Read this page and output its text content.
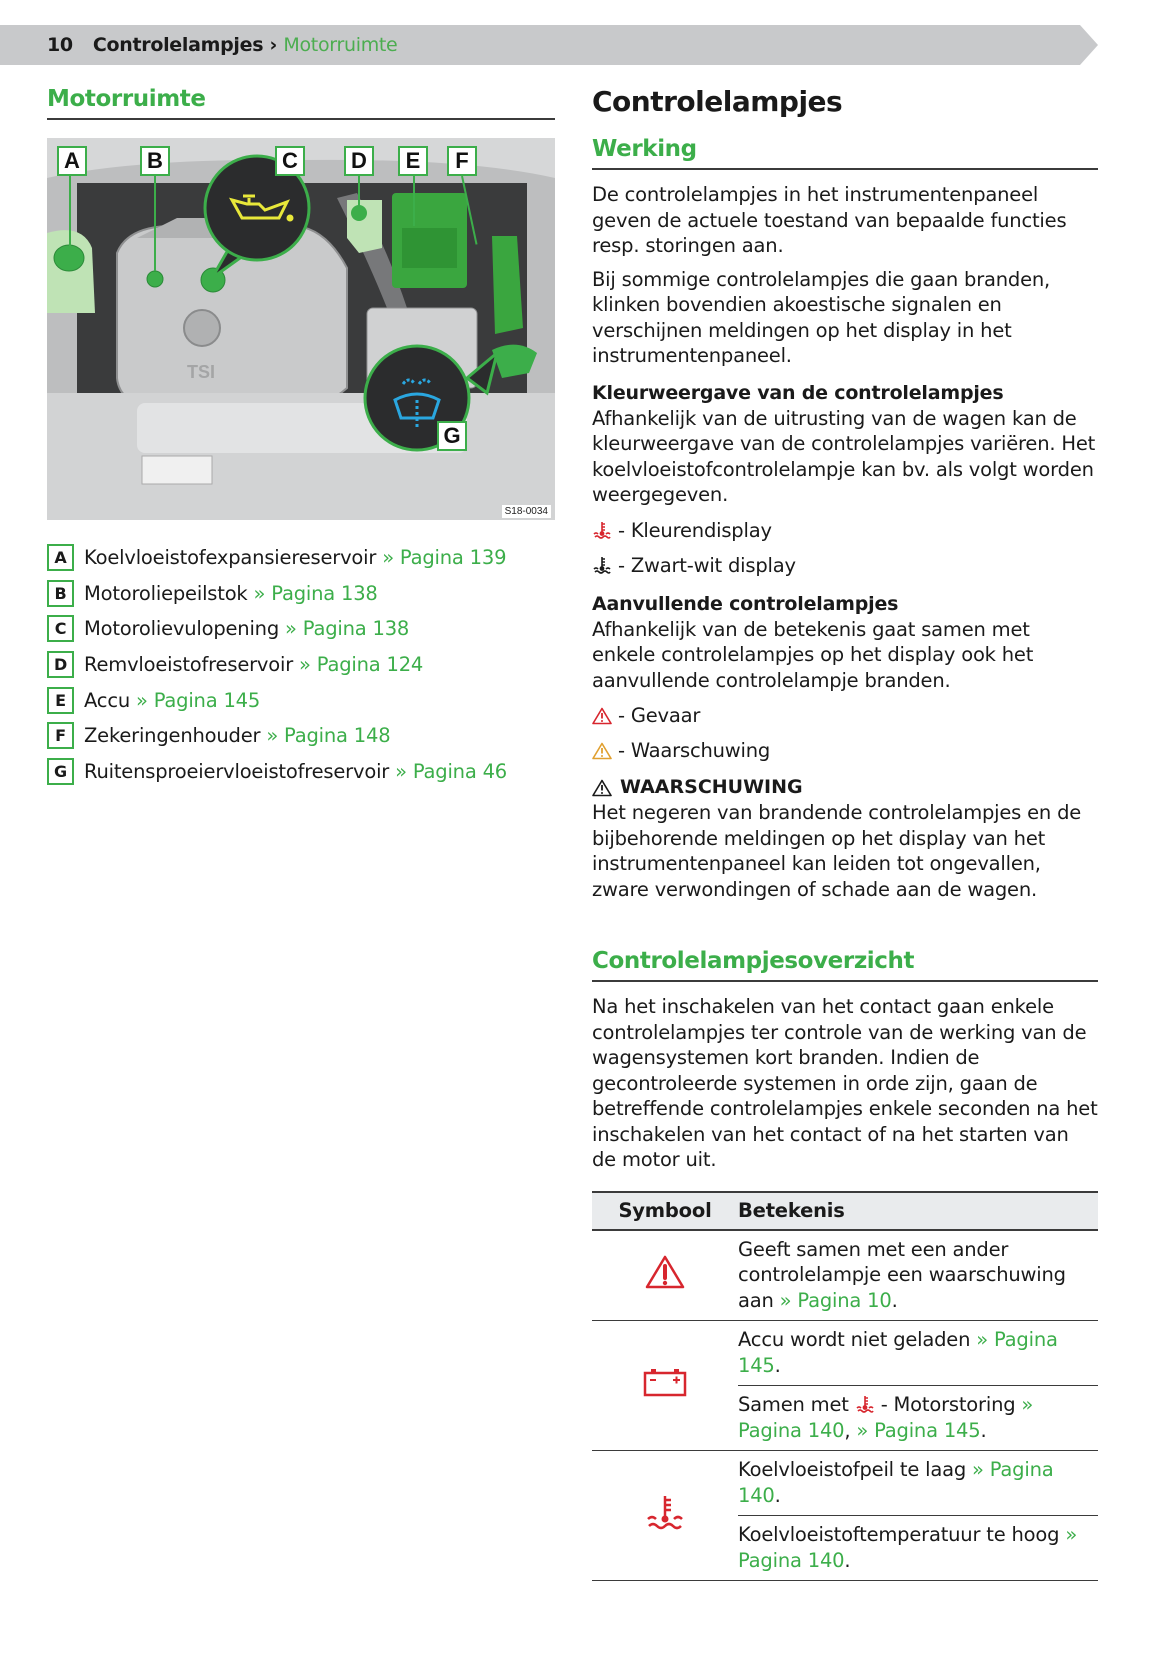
10 Controlelampjes › Motorruimte
Motorruimte
TSI
A	B	C	D	E	F
G
S18-0034
A Koelvloeistofexpansiereservoir
» Pagina 139
B Motoroliepeilstok
» Pagina 138
C Motorolievulopening
» Pagina 138
D Remvloeistofreservoir
» Pagina 124
E Accu
» Pagina 145
F Zekeringenhouder
» Pagina 148
G Ruitensproeiervloeistofreservoir
» Pagina 46
Controlelampjes
Werking

De controlelampjes in het instrumentenpaneel geven de actuele toestand van bepaalde functies resp. storingen aan.

Bij sommige controlelampjes die gaan branden, klinken bovendien akoestische signalen en verschijnen meldingen op het display in het instrumentenpaneel.

Kleurweergave van de controlelampjes

Afhankelijk van de uitrusting van de wagen kan de kleurweergave van de controlelampjes variëren. Het koelvloeistofcontrolelampje kan bv. als volgt worden weergegeven.

- Kleurendisplay
- Zwart-wit display
Aanvullende controlelampjes

Afhankelijk van de betekenis gaat samen met enkele controlelampjes op het display ook het aanvullende controlelampje branden.

- Gevaar
- Waarschuwing
WAARSCHUWING

Het negeren van brandende controlelampjes en de bijbehorende meldingen op het display van het instrumentenpaneel kan leiden tot ongevallen, zware verwondingen of schade aan de wagen.

Controlelampjesoverzicht

Na het inschakelen van het contact gaan enkele controlelampjes ter controle van de werking van de wagensystemen kort branden. Indien de gecontroleerde systemen in orde zijn, gaan de betreffende controlelampjes enkele seconden na het inschakelen van het contact of na het starten van de motor uit.

Symbool	Betekenis
	Geeft samen met een ander controlelampje een waarschuwing aan » Pagina 10.
	Accu wordt niet geladen » Pagina 145.
	Samen met  - Motorstoring » Pagina 140, » Pagina 145.
	Koelvloeistofpeil te laag » Pagina 140.
	Koelvloeistoftemperatuur te hoog » Pagina 140.
